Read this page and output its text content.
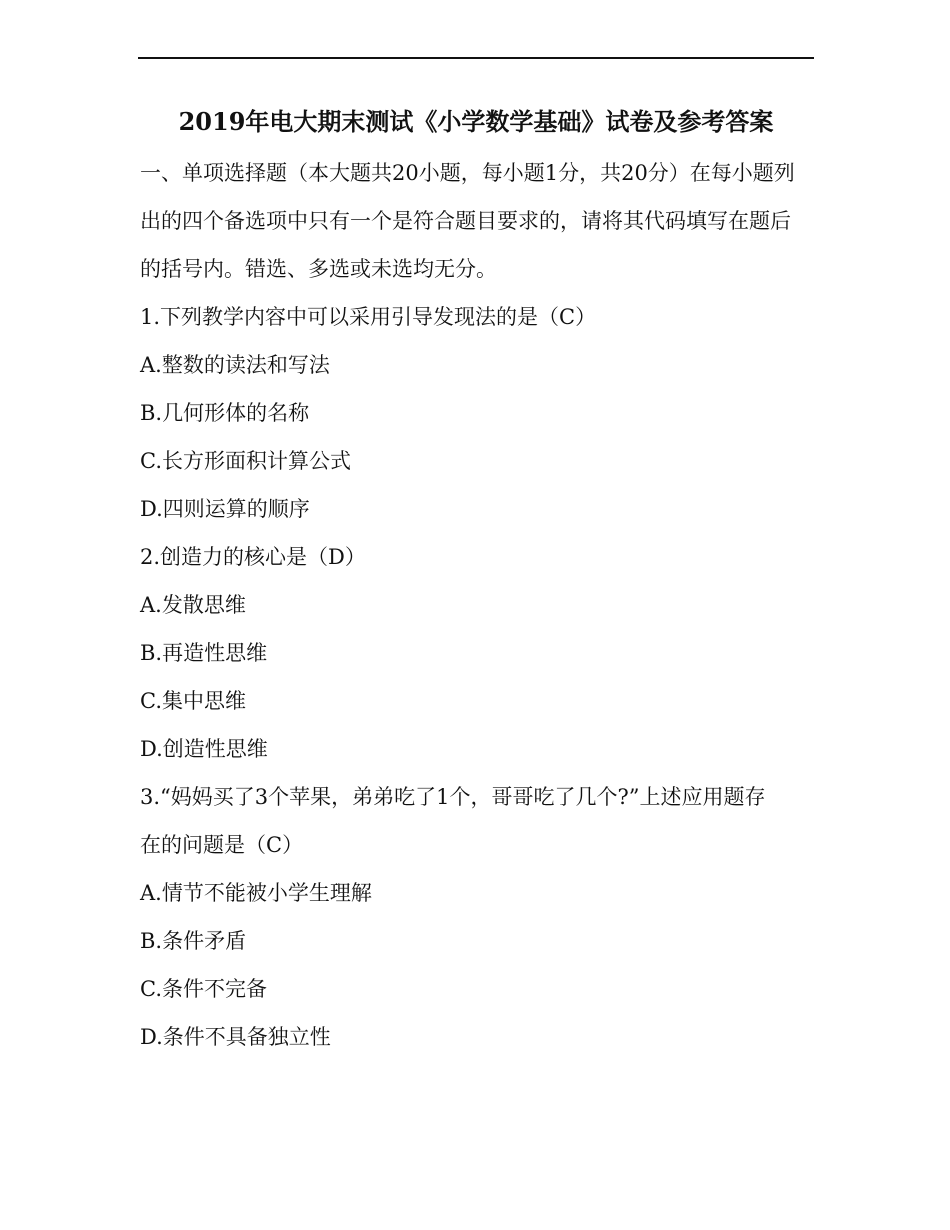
2019年电大期末测试《小学数学基础》试卷及参考答案
一、单项选择题（本大题共20小题，每小题1分，共20分）在每小题列
出的四个备选项中只有一个是符合题目要求的，请将其代码填写在题后
的括号内。错选、多选或未选均无分。
1.下列教学内容中可以采用引导发现法的是（C）
A.整数的读法和写法
B.几何形体的名称
C.长方形面积计算公式
D.四则运算的顺序
2.创造力的核心是（D）
A.发散思维
B.再造性思维
C.集中思维
D.创造性思维
3.“妈妈买了3个苹果，弟弟吃了1个，哥哥吃了几个?”上述应用题存
在的问题是（C）
A.情节不能被小学生理解
B.条件矛盾
C.条件不完备
D.条件不具备独立性
